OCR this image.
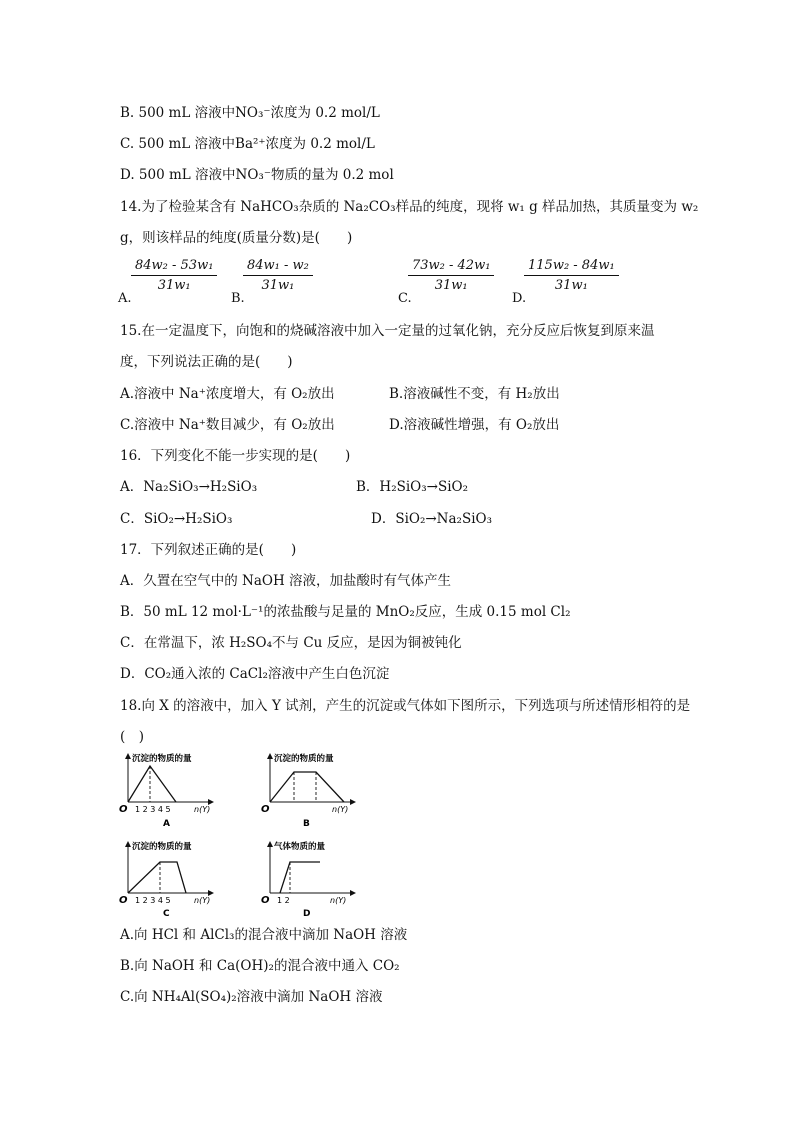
B. 500 mL 溶液中NO₃⁻浓度为 0.2 mol/L
C. 500 mL 溶液中Ba²⁺浓度为 0.2 mol/L
D. 500 mL 溶液中NO₃⁻物质的量为 0.2 mol
14.为了检验某含有 NaHCO₃杂质的 Na₂CO₃样品的纯度，现将 w₁ g 样品加热，其质量变为 w₂
g，则该样品的纯度(质量分数)是(　　)
A.
$\frac{\text{84w₂ - 53w₁}}{\text{31w₁}}$
B.
$\frac{\text{84w₁ - w₂}}{\text{31w₁}}$
C.
$\frac{\text{73w₂ - 42w₁}}{\text{31w₁}}$
D.
$\frac{\text{115w₂ - 84w₁}}{\text{31w₁}}$
15.在一定温度下，向饱和的烧碱溶液中加入一定量的过氧化钠，充分反应后恢复到原来温
度，下列说法正确的是(　　)
A.溶液中 Na⁺浓度增大，有 O₂放出	B.溶液碱性不变，有 H₂放出
C.溶液中 Na⁺数目减少，有 O₂放出	D.溶液碱性增强，有 O₂放出
16．下列变化不能一步实现的是(　　)
A．Na₂SiO₃→H₂SiO₃	B．H₂SiO₃→SiO₂
C．SiO₂→H₂SiO₃	D．SiO₂→Na₂SiO₃
17．下列叙述正确的是(　　)
A．久置在空气中的 NaOH 溶液，加盐酸时有气体产生
B．50 mL 12 mol·L⁻¹的浓盐酸与足量的 MnO₂反应，生成 0.15 mol Cl₂
C．在常温下，浓 H₂SO₄不与 Cu 反应，是因为铜被钝化
D．CO₂通入浓的 CaCl₂溶液中产生白色沉淀
18.向 X 的溶液中，加入 Y 试剂，产生的沉淀或气体如下图所示，下列选项与所述情形相符的是
(　)
沉淀的物质的量
O 1 2 3 4 5	n(Y)
A
沉淀的物质的量
O	n(Y)
B
沉淀的物质的量
O 1 2 3 4 5	n(Y)
C
气体物质的量
O 1 2	n(Y)
D
A.向 HCl 和 AlCl₃的混合液中滴加 NaOH 溶液
B.向 NaOH 和 Ca(OH)₂的混合液中通入 CO₂
C.向 NH₄Al(SO₄)₂溶液中滴加 NaOH 溶液
